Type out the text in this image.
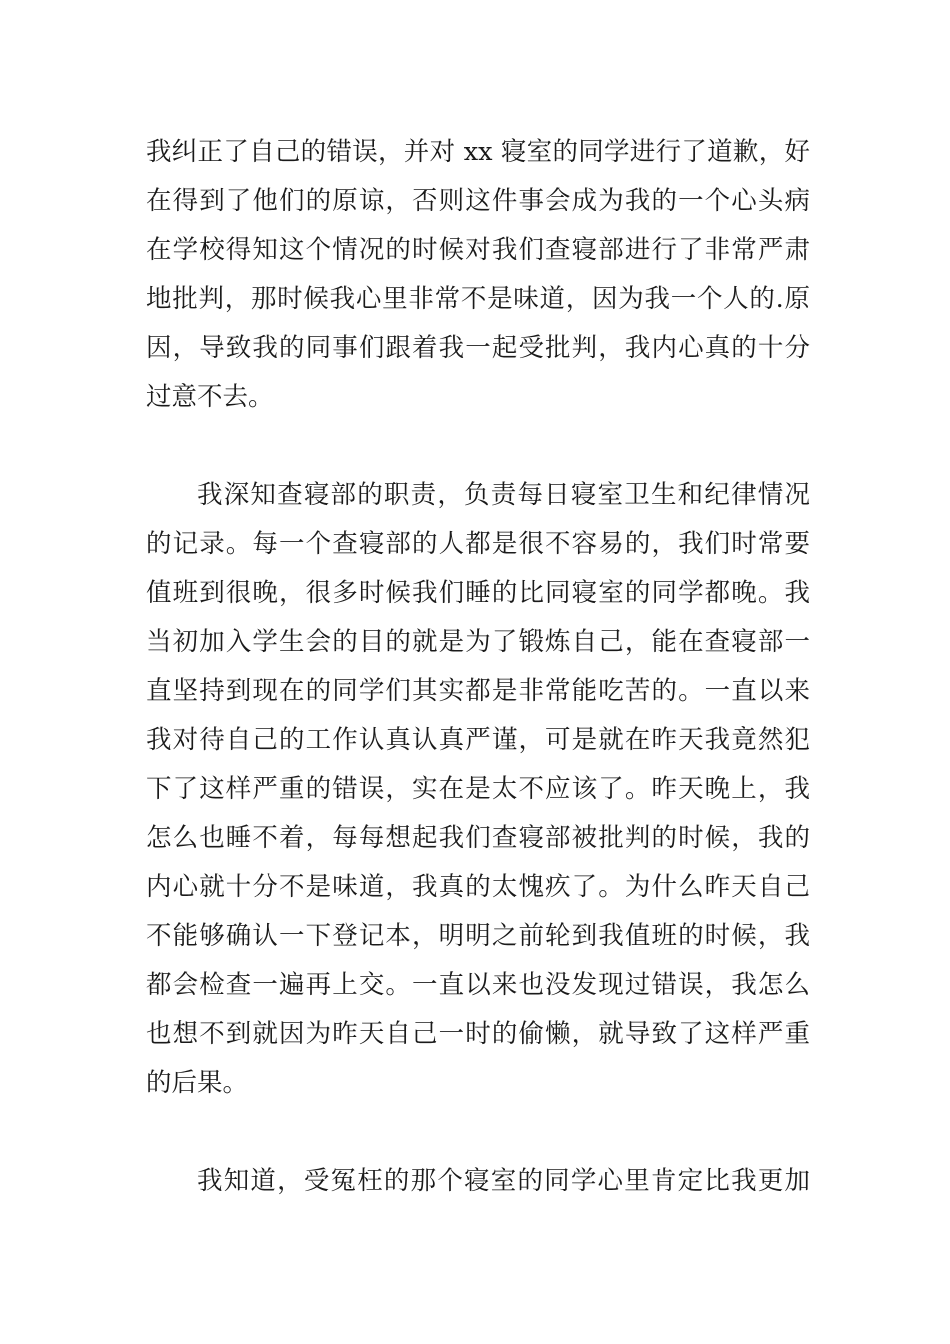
我纠正了自己的错误，并对 xx 寝室的同学进行了道歉，好
在得到了他们的原谅，否则这件事会成为我的一个心头病
在学校得知这个情况的时候对我们查寝部进行了非常严肃
地批判，那时候我心里非常不是味道，因为我一个人的.原
因，导致我的同事们跟着我一起受批判，我内心真的十分
过意不去。
我深知查寝部的职责，负责每日寝室卫生和纪律情况
的记录。每一个查寝部的人都是很不容易的，我们时常要
值班到很晚，很多时候我们睡的比同寝室的同学都晚。我
当初加入学生会的目的就是为了锻炼自己，能在查寝部一
直坚持到现在的同学们其实都是非常能吃苦的。一直以来
我对待自己的工作认真认真严谨，可是就在昨天我竟然犯
下了这样严重的错误，实在是太不应该了。昨天晚上，我
怎么也睡不着，每每想起我们查寝部被批判的时候，我的
内心就十分不是味道，我真的太愧疚了。为什么昨天自己
不能够确认一下登记本，明明之前轮到我值班的时候，我
都会检查一遍再上交。一直以来也没发现过错误，我怎么
也想不到就因为昨天自己一时的偷懒，就导致了这样严重
的后果。
我知道，受冤枉的那个寝室的同学心里肯定比我更加
